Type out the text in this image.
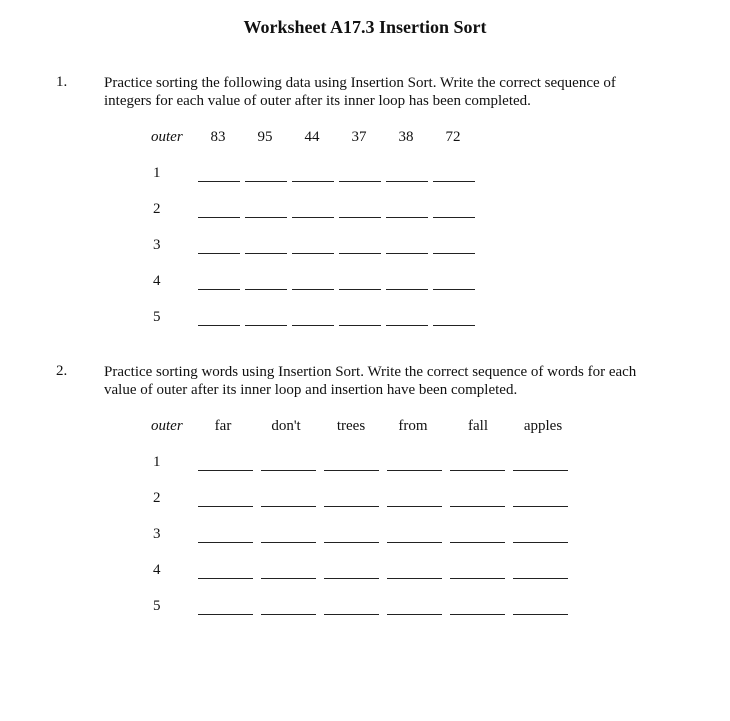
Worksheet A17.3 Insertion Sort
1. Practice sorting the following data using Insertion Sort. Write the correct sequence of
integers for each value of outer after its inner loop has been completed.
outer 83 95 44 37 38 72
1
2
3
4
5
2. Practice sorting words using Insertion Sort. Write the correct sequence of words for each
value of outer after its inner loop and insertion have been completed.
outer far	don't trees from	fall apples
1
2
3
4
5
